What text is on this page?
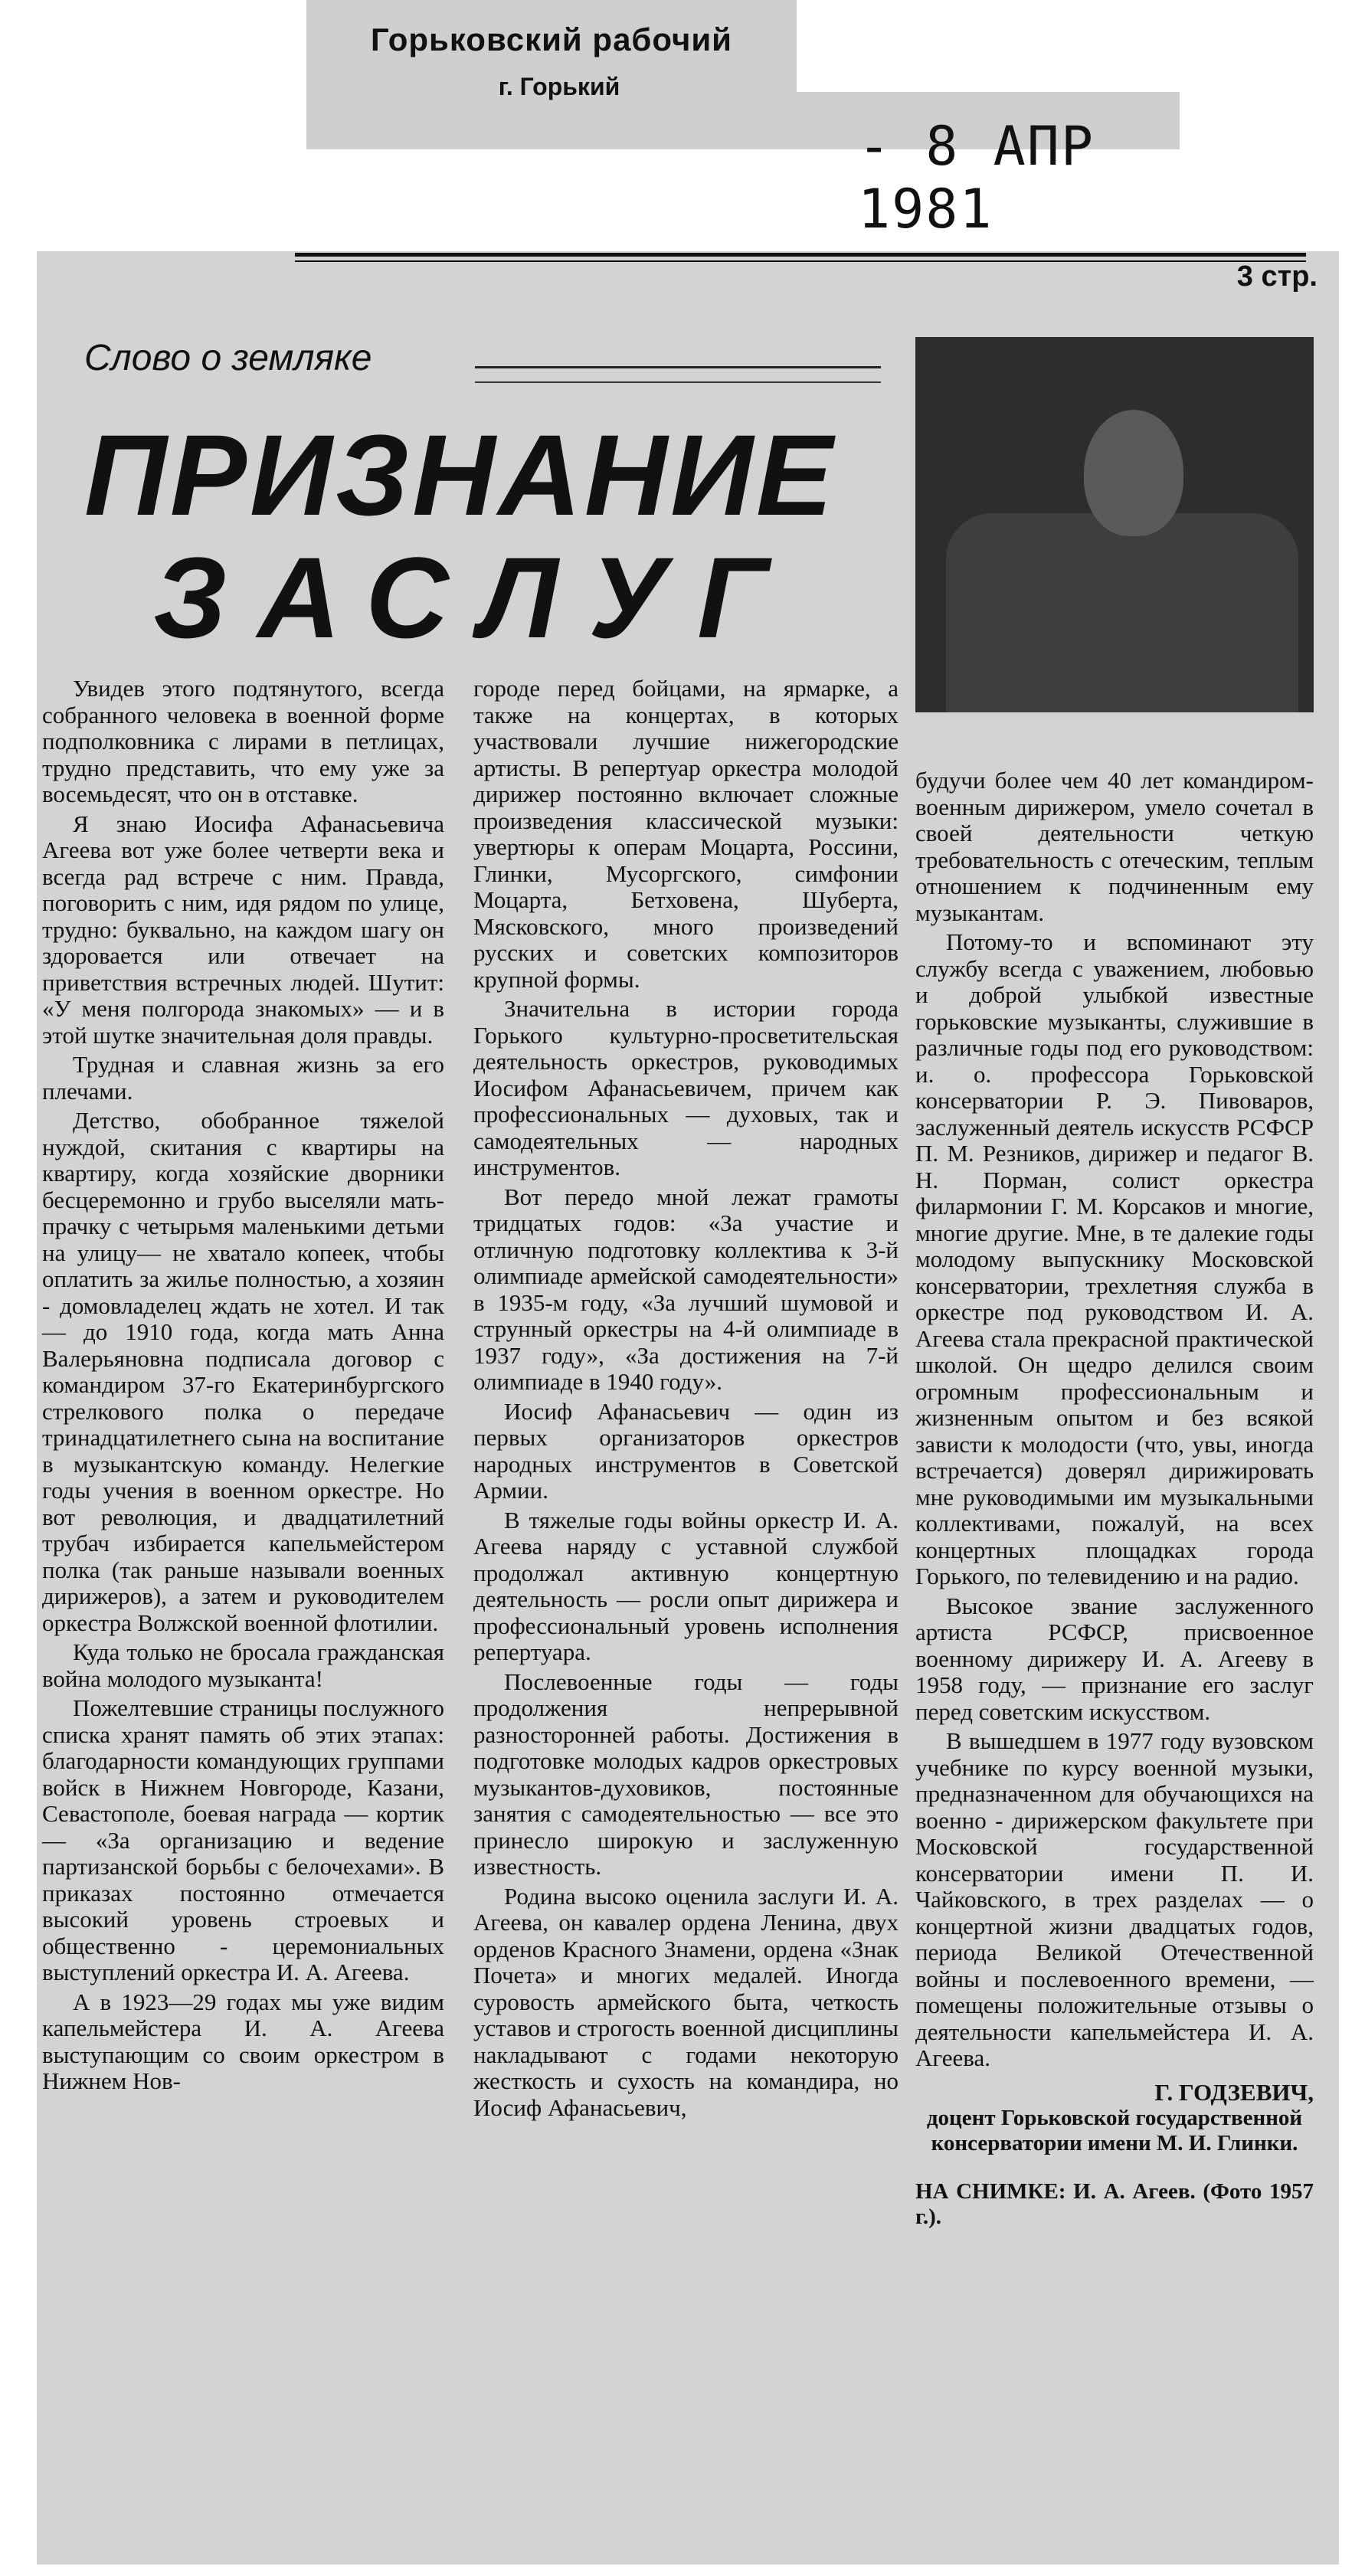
Горьковский рабочий
г. Горький
- 8 АПР 1981
3 стр.
Слово о земляке
ПРИЗНАНИЕ
ЗАСЛУГ

Увидев этого подтянутого, всегда собранного человека в военной форме подполковника с лирами в петлицах, трудно представить, что ему уже за восемьдесят, что он в отставке.

Я знаю Иосифа Афанасьевича Агеева вот уже более четверти века и всегда рад встрече с ним. Правда, поговорить с ним, идя рядом по улице, трудно: буквально, на каждом шагу он здоровается или отвечает на приветствия встречных людей. Шутит: «У меня полгорода знакомых» — и в этой шутке значительная доля правды.

Трудная и славная жизнь за его плечами.

Детство, обобранное тяжелой нуждой, скитания с квартиры на квартиру, когда хозяйские дворники бесцеремонно и грубо выселяли мать-прачку с четырьмя маленькими детьми на улицу— не хватало копеек, чтобы оплатить за жилье полностью, а хозяин - домовладелец ждать не хотел. И так — до 1910 года, когда мать Анна Валерьяновна подписала договор с командиром 37-го Екатеринбургского стрелкового полка о передаче тринадцатилетнего сына на воспитание в музыкантскую команду. Нелегкие годы учения в военном оркестре. Но вот революция, и двадцатилетний трубач избирается капельмейстером полка (так раньше называли военных дирижеров), а затем и руководителем оркестра Волжской военной флотилии.

Куда только не бросала гражданская война молодого музыканта!

Пожелтевшие страницы послужного списка хранят память об этих этапах: благодарности командующих группами войск в Нижнем Новгороде, Казани, Севастополе, боевая награда — кортик — «За организацию и ведение партизанской борьбы с белочехами». В приказах постоянно отмечается высокий уровень строевых и общественно - церемониальных выступлений оркестра И. А. Агеева.

А в 1923—29 годах мы уже видим капельмейстера И. А. Агеева выступающим со своим оркестром в Нижнем Нов-

городе перед бойцами, на ярмарке, а также на концертах, в которых участвовали лучшие нижегородские артисты. В репертуар оркестра молодой дирижер постоянно включает сложные произведения классической музыки: увертюры к операм Моцарта, Россини, Глинки, Мусоргского, симфонии Моцарта, Бетховена, Шуберта, Мясковского, много произведений русских и советских композиторов крупной формы.

Значительна в истории города Горького культурно-просветительская деятельность оркестров, руководимых Иосифом Афанасьевичем, причем как профессиональных — духовых, так и самодеятельных — народных инструментов.

Вот передо мной лежат грамоты тридцатых годов: «За участие и отличную подготовку коллектива к 3-й олимпиаде армейской самодеятельности» в 1935-м году, «За лучший шумовой и струнный оркестры на 4-й олимпиаде в 1937 году», «За достижения на 7-й олимпиаде в 1940 году».

Иосиф Афанасьевич — один из первых организаторов оркестров народных инструментов в Советской Армии.

В тяжелые годы войны оркестр И. А. Агеева наряду с уставной службой продолжал активную концертную деятельность — росли опыт дирижера и профессиональный уровень исполнения репертуара.

Послевоенные годы — годы продолжения непрерывной разносторонней работы. Достижения в подготовке молодых кадров оркестровых музыкантов-духовиков, постоянные занятия с самодеятельностью — все это принесло широкую и заслуженную известность.

Родина высоко оценила заслуги И. А. Агеева, он кавалер ордена Ленина, двух орденов Красного Знамени, ордена «Знак Почета» и многих медалей. Иногда суровость армейского быта, четкость уставов и строгость военной дисциплины накладывают с годами некоторую жесткость и сухость на командира, но Иосиф Афанасьевич,

будучи более чем 40 лет командиром-военным дирижером, умело сочетал в своей деятельности четкую требовательность с отеческим, теплым отношением к подчиненным ему музыкантам.

Потому-то и вспоминают эту службу всегда с уважением, любовью и доброй улыбкой известные горьковские музыканты, служившие в различные годы под его руководством: и. о. профессора Горьковской консерватории Р. Э. Пивоваров, заслуженный деятель искусств РСФСР П. М. Резников, дирижер и педагог В. Н. Порман, солист оркестра филармонии Г. М. Корсаков и многие, многие другие. Мне, в те далекие годы молодому выпускнику Московской консерватории, трехлетняя служба в оркестре под руководством И. А. Агеева стала прекрасной практической школой. Он щедро делился своим огромным профессиональным и жизненным опытом и без всякой зависти к молодости (что, увы, иногда встречается) доверял дирижировать мне руководимыми им музыкальными коллективами, пожалуй, на всех концертных площадках города Горького, по телевидению и на радио.

Высокое звание заслуженного артиста РСФСР, присвоенное военному дирижеру И. А. Агееву в 1958 году, — признание его заслуг перед советским искусством.

В вышедшем в 1977 году вузовском учебнике по курсу военной музыки, предназначенном для обучающихся на военно - дирижерском факультете при Московской государственной консерватории имени П. И. Чайковского, в трех разделах — о концертной жизни двадцатых годов, периода Великой Отечественной войны и послевоенного времени, — помещены положительные отзывы о деятельности капельмейстера И. А. Агеева.

Г. ГОДЗЕВИЧ,
доцент Горьковской государственной консерватории имени М. И. Глинки.
НА СНИМКЕ: И. А. Агеев. (Фото 1957 г.).
